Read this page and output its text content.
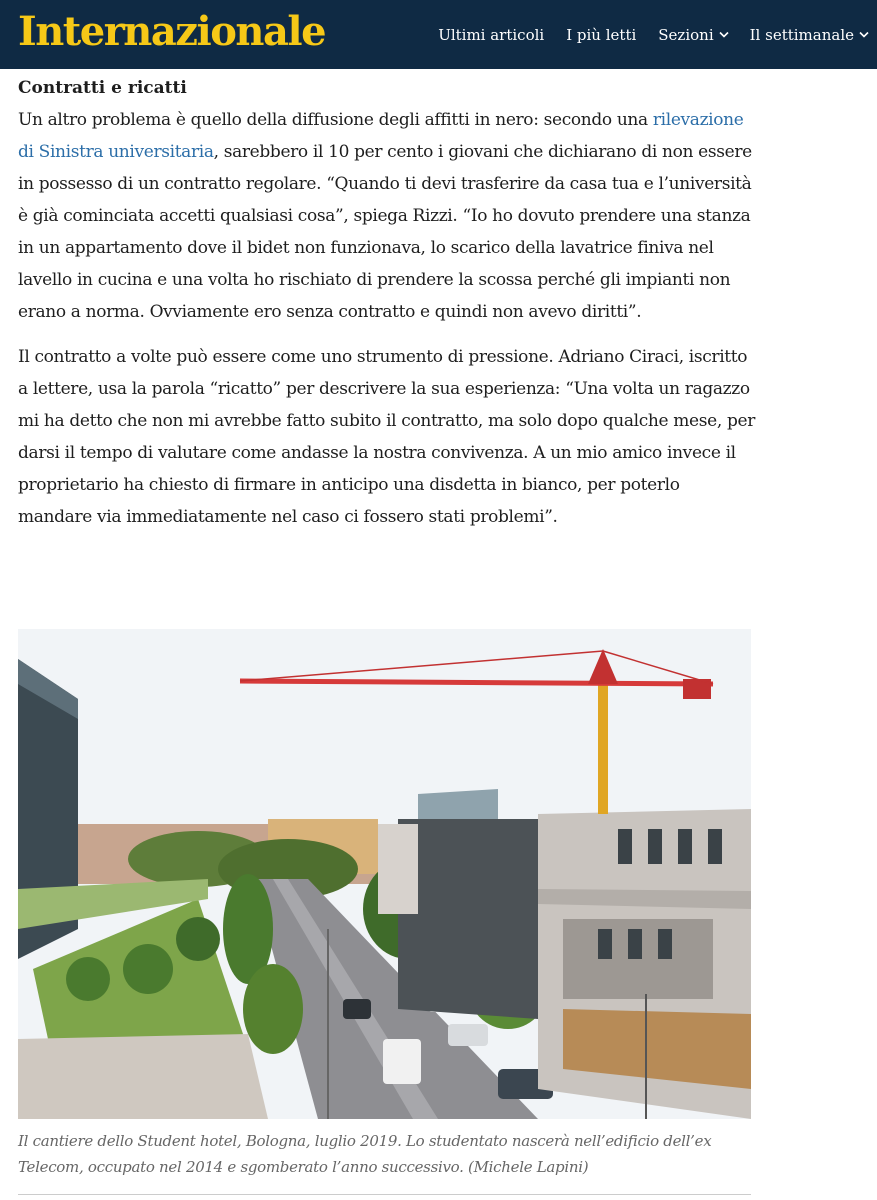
Internazionale	Ultimi articoli I più letti Sezioni Il settimanale
Contratti e ricatti

Un altro problema è quello della diffusione degli affitti in nero: secondo una rilevazione di Sinistra universitaria, sarebbero il 10 per cento i giovani che dichiarano di non essere in possesso di un contratto regolare. “Quando ti devi trasferire da casa tua e l’università è già cominciata accetti qualsiasi cosa”, spiega Rizzi. “Io ho dovuto prendere una stanza in un appartamento dove il bidet non funzionava, lo scarico della lavatrice finiva nel lavello in cucina e una volta ho rischiato di prendere la scossa perché gli impianti non erano a norma. Ovviamente ero senza contratto e quindi non avevo diritti”.

Il contratto a volte può essere come uno strumento di pressione. Adriano Ciraci, iscritto a lettere, usa la parola “ricatto” per descrivere la sua esperienza: “Una volta un ragazzo mi ha detto che non mi avrebbe fatto subito il contratto, ma solo dopo qualche mese, per darsi il tempo di valutare come andasse la nostra convivenza. A un mio amico invece il proprietario ha chiesto di firmare in anticipo una disdetta in bianco, per poterlo mandare via immediatamente nel caso ci fossero stati problemi”.

Il cantiere dello Student hotel, Bologna, luglio 2019. Lo studentato nascerà nell’edificio dell’ex Telecom, occupato nel 2014 e sgomberato l’anno successivo. (Michele Lapini)
